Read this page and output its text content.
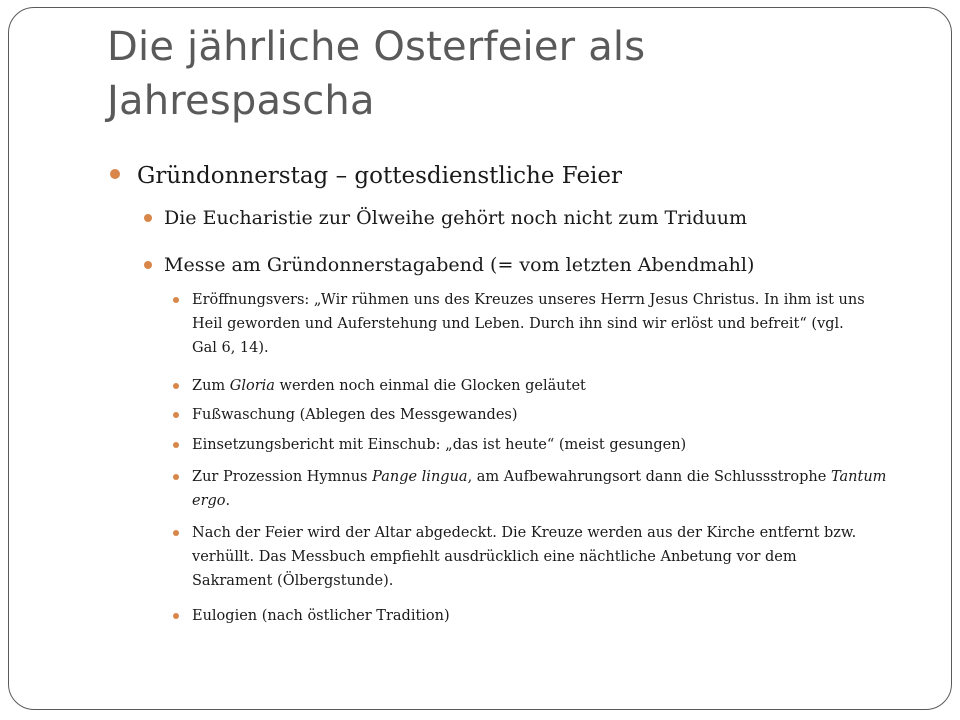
Die jährliche Osterfeier als
Jahrespascha
Gründonnerstag – gottesdienstliche Feier
Die Eucharistie zur Ölweihe gehört noch nicht zum Triduum
Messe am Gründonnerstagabend (= vom letzten Abendmahl)
Eröffnungsvers: „Wir rühmen uns des Kreuzes unseres Herrn Jesus Christus. In ihm ist uns
Heil geworden und Auferstehung und Leben. Durch ihn sind wir erlöst und befreit“ (vgl.
Gal 6, 14).
Zum Gloria werden noch einmal die Glocken geläutet
Fußwaschung (Ablegen des Messgewandes)
Einsetzungsbericht mit Einschub: „das ist heute“ (meist gesungen)
Zur Prozession Hymnus Pange lingua, am Aufbewahrungsort dann die Schlussstrophe Tantum
ergo.
Nach der Feier wird der Altar abgedeckt. Die Kreuze werden aus der Kirche entfernt bzw.
verhüllt. Das Messbuch empfiehlt ausdrücklich eine nächtliche Anbetung vor dem
Sakrament (Ölbergstunde).
Eulogien (nach östlicher Tradition)
